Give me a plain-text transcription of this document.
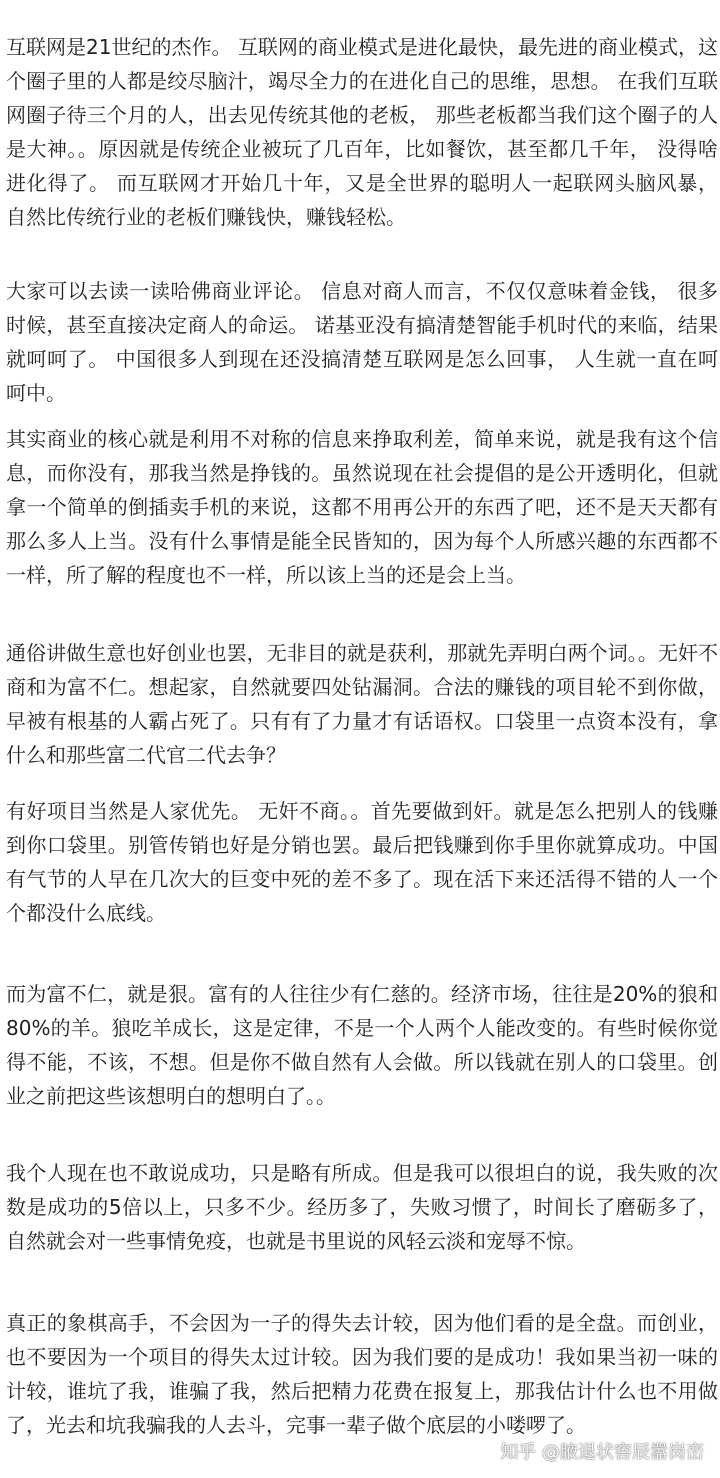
互联网是21世纪的杰作。 互联网的商业模式是进化最快，最先进的商业模式，这个圈子里的人都是绞尽脑汁，竭尽全力的在进化自己的思维，思想。 在我们互联网圈子待三个月的人，出去见传统其他的老板， 那些老板都当我们这个圈子的人是大神。。原因就是传统企业被玩了几百年，比如餐饮，甚至都几千年， 没得啥进化得了。 而互联网才开始几十年，又是全世界的聪明人一起联网头脑风暴， 自然比传统行业的老板们赚钱快，赚钱轻松。

大家可以去读一读哈佛商业评论。 信息对商人而言，不仅仅意味着金钱， 很多时候，甚至直接决定商人的命运。 诺基亚没有搞清楚智能手机时代的来临，结果就呵呵了。 中国很多人到现在还没搞清楚互联网是怎么回事， 人生就一直在呵呵中。

其实商业的核心就是利用不对称的信息来挣取利差，简单来说，就是我有这个信息，而你没有，那我当然是挣钱的。虽然说现在社会提倡的是公开透明化，但就拿一个简单的倒插卖手机的来说，这都不用再公开的东西了吧，还不是天天都有那么多人上当。没有什么事情是能全民皆知的，因为每个人所感兴趣的东西都不一样，所了解的程度也不一样，所以该上当的还是会上当。

通俗讲做生意也好创业也罢，无非目的就是获利，那就先弄明白两个词。。无奸不商和为富不仁。想起家，自然就要四处钻漏洞。合法的赚钱的项目轮不到你做，早被有根基的人霸占死了。只有有了力量才有话语权。口袋里一点资本没有，拿什么和那些富二代官二代去争？

有好项目当然是人家优先。 无奸不商。。首先要做到奸。就是怎么把别人的钱赚到你口袋里。别管传销也好是分销也罢。最后把钱赚到你手里你就算成功。中国有气节的人早在几次大的巨变中死的差不多了。现在活下来还活得不错的人一个个都没什么底线。

而为富不仁，就是狠。富有的人往往少有仁慈的。经济市场，往往是20%的狼和80%的羊。狼吃羊成长，这是定律，不是一个人两个人能改变的。有些时候你觉得不能，不该，不想。但是你不做自然有人会做。所以钱就在别人的口袋里。创业之前把这些该想明白的想明白了。。

我个人现在也不敢说成功，只是略有所成。但是我可以很坦白的说，我失败的次数是成功的5倍以上，只多不少。经历多了，失败习惯了，时间长了磨砺多了，自然就会对一些事情免疫，也就是书里说的风轻云淡和宠辱不惊。

真正的象棋高手，不会因为一子的得失去计较，因为他们看的是全盘。而创业，也不要因为一个项目的得失太过计较。因为我们要的是成功！我如果当初一味的计较，谁坑了我，谁骗了我，然后把精力花费在报复上，那我估计什么也不用做了，光去和坑我骗我的人去斗，完事一辈子做个底层的小喽啰了。

知乎 @腋退状窖辰嚣岗峦
